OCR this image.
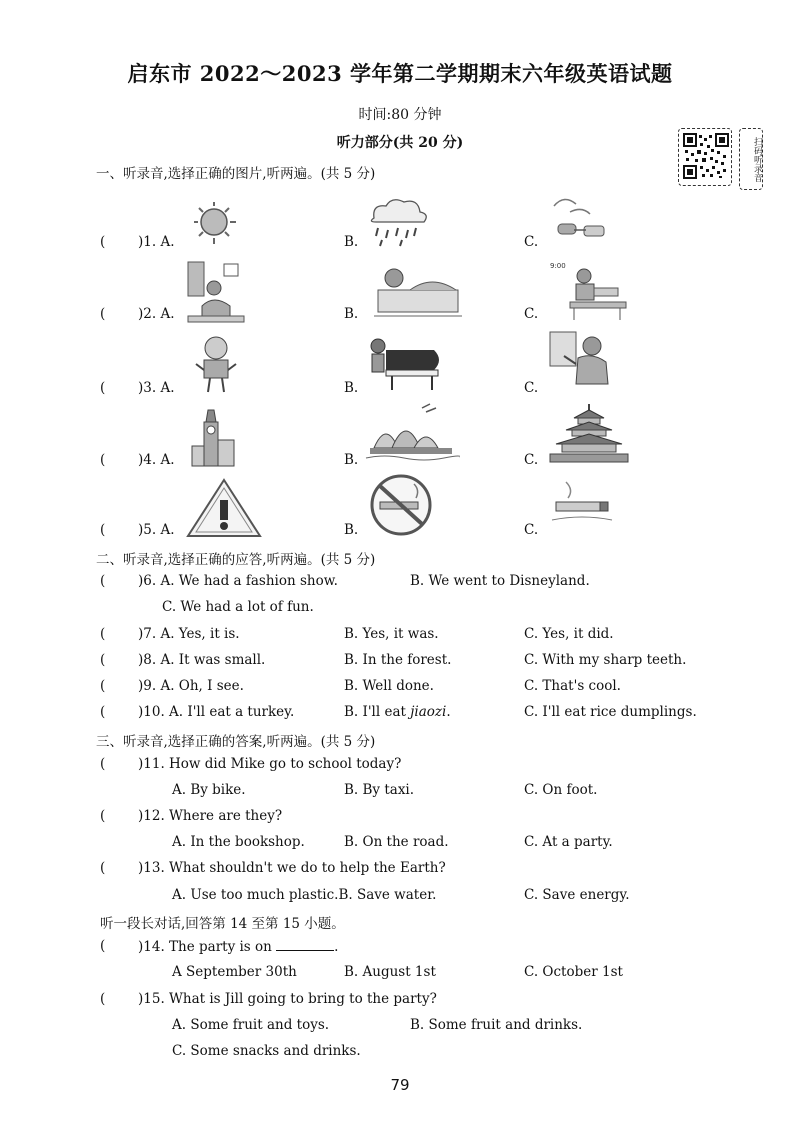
启东市 2022～2023 学年第二学期期末六年级英语试题
时间:80 分钟
听力部分(共 20 分)	扫码听录音
一、听录音,选择正确的图片,听两遍。(共 5 分)
( )1. A.	B.	C.
( )2. A.	B.	C.
9:00
( )3. A.	B.	C.
( )4. A.	B.	C.
( )5. A.	B.	C.
二、听录音,选择正确的应答,听两遍。(共 5 分)
( )6. A. We had a fashion show.	B. We went to Disneyland.
C. We had a lot of fun.
( )7. A. Yes, it is.	B. Yes, it was.	C. Yes, it did.
( )8. A. It was small.	B. In the forest.	C. With my sharp teeth.
( )9. A. Oh, I see.	B. Well done.	C. That's cool.
( )10. A. I'll eat a turkey.	B. I'll eat jiaozi.	C. I'll eat rice dumplings.
三、听录音,选择正确的答案,听两遍。(共 5 分)
( )11. How did Mike go to school today?
A. By bike.	B. By taxi.	C. On foot.
( )12. Where are they?
A. In the bookshop.	B. On the road.	C. At a party.
( )13. What shouldn't we do to help the Earth?
A. Use too much plastic.B. Save water.	C. Save energy.
听一段长对话,回答第 14 至第 15 小题。
( )14. The party is on	.
A September 30th	B. August 1st	C. October 1st
( )15. What is Jill going to bring to the party?
A. Some fruit and toys.	B. Some fruit and drinks.
C. Some snacks and drinks.
79
